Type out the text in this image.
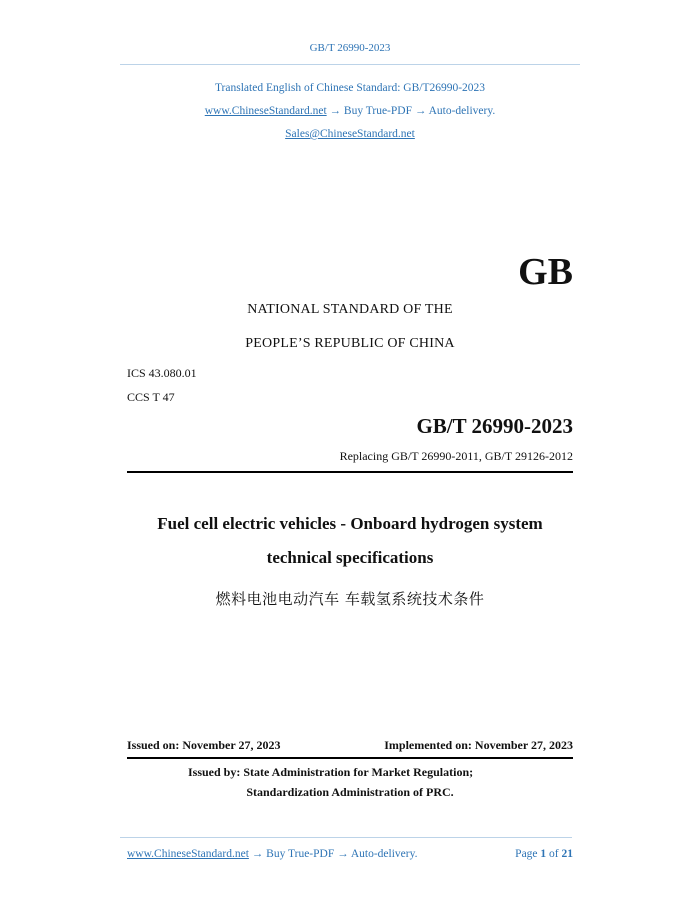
GB/T 26990-2023
Translated English of Chinese Standard: GB/T26990-2023
www.ChineseStandard.net → Buy True-PDF → Auto-delivery.
Sales@ChineseStandard.net
GB
NATIONAL STANDARD OF THE
PEOPLE’S REPUBLIC OF CHINA
ICS 43.080.01
CCS T 47
GB/T 26990-2023
Replacing GB/T 26990-2011, GB/T 29126-2012
Fuel cell electric vehicles - Onboard hydrogen system
technical specifications
燃料电池电动汽车 车载氢系统技术条件
Issued on: November 27, 2023	Implemented on: November 27, 2023
Issued by: State Administration for Market Regulation;
Standardization Administration of PRC.
www.ChineseStandard.net → Buy True-PDF → Auto-delivery.	Page 1 of 21
